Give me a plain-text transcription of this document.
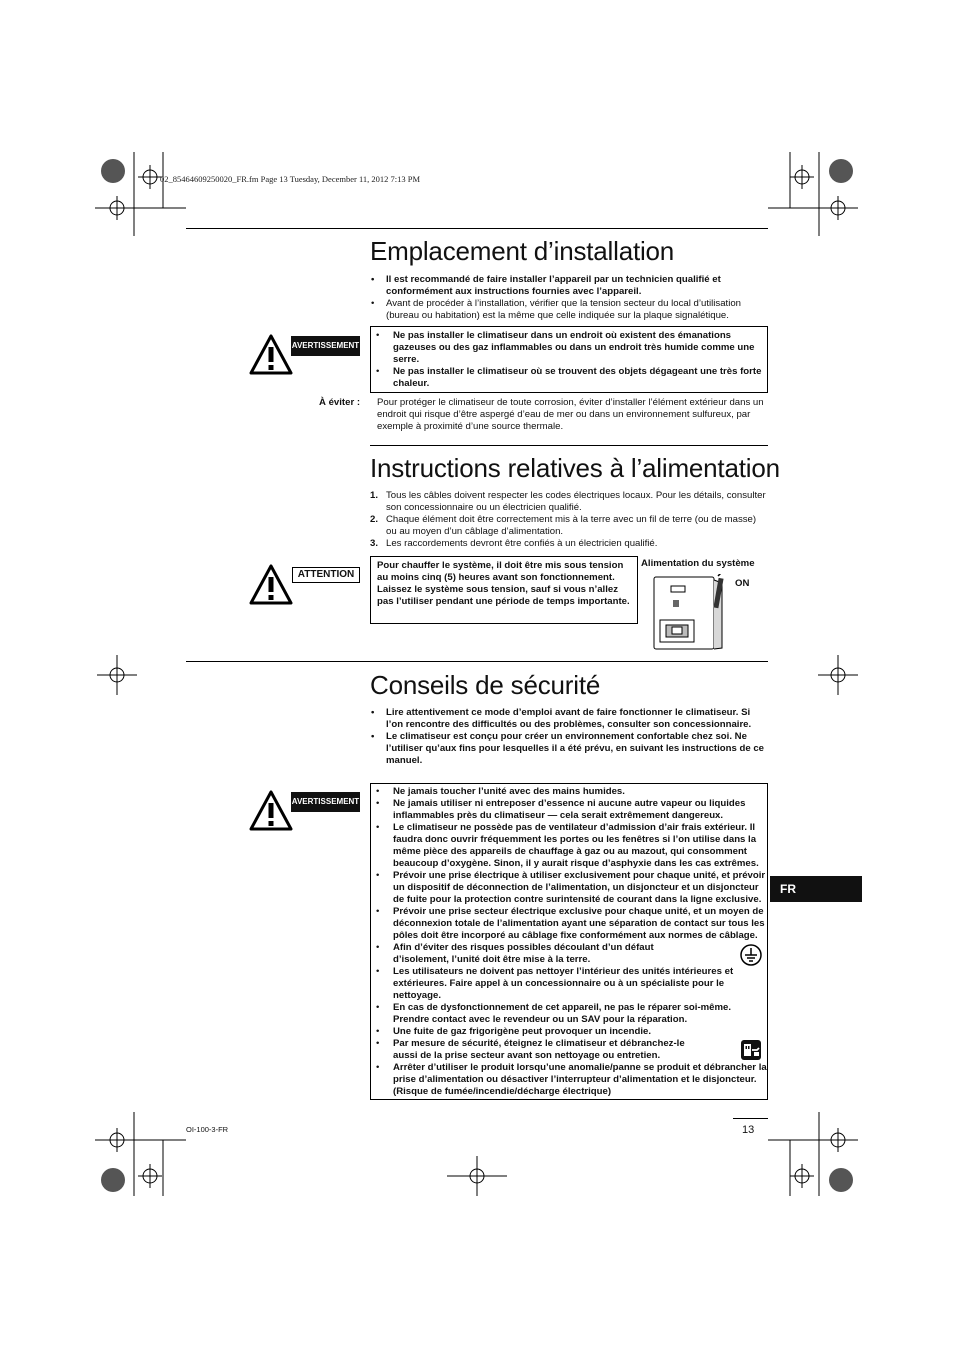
02_85464609250020_FR.fm Page 13 Tuesday, December 11, 2012 7:13 PM
Emplacement d’installation
• Il est recommandé de faire installer l’appareil par un technicien qualifié et conformément aux instructions fournies avec l’appareil.
• Avant de procéder à l’installation, vérifier que la tension secteur du local d’utilisation (bureau ou habitation) est la même que celle indiquée sur la plaque signalétique.
AVERTISSEMENT
• Ne pas installer le climatiseur dans un endroit où existent des émanations gazeuses ou des gaz inflammables ou dans un endroit très humide comme une serre.
• Ne pas installer le climatiseur où se trouvent des objets dégageant une très forte chaleur.
À éviter : Pour protéger le climatiseur de toute corrosion, éviter d’installer l’élément extérieur dans un endroit qui risque d’être aspergé d’eau de mer ou dans un environnement sulfureux, par exemple à proximité d’une source thermale.
Instructions relatives à l’alimentation
1. Tous les câbles doivent respecter les codes électriques locaux. Pour les détails, consulter son concessionnaire ou un électricien qualifié.
2. Chaque élément doit être correctement mis à la terre avec un fil de terre (ou de masse) ou au moyen d’un câblage d’alimentation.
3. Les raccordements devront être confiés à un électricien qualifié.
ATTENTION
Pour chauffer le système, il doit être mis sous tension au moins cinq (5) heures avant son fonctionnement. Laissez le système sous tension, sauf si vous n’allez pas l’utiliser pendant une période de temps importante.
Alimentation du système
ON
Conseils de sécurité
• Lire attentivement ce mode d’emploi avant de faire fonctionner le climatiseur. Si l’on rencontre des difficultés ou des problèmes, consulter son concessionnaire.
• Le climatiseur est conçu pour créer un environnement confortable chez soi. Ne l’utiliser qu’aux fins pour lesquelles il a été prévu, en suivant les instructions de ce manuel.
AVERTISSEMENT
• Ne jamais toucher l’unité avec des mains humides.
• Ne jamais utiliser ni entreposer d’essence ni aucune autre vapeur ou liquides inflammables près du climatiseur — cela serait extrêmement dangereux.
• Le climatiseur ne possède pas de ventilateur d’admission d’air frais extérieur. Il faudra donc ouvrir fréquemment les portes ou les fenêtres si l’on utilise dans la même pièce des appareils de chauffage à gaz ou au mazout, qui consomment beaucoup d’oxygène. Sinon, il y aurait risque d’asphyxie dans les cas extrêmes.
• Prévoir une prise électrique à utiliser exclusivement pour chaque unité, et prévoir un dispositif de déconnection de l’alimentation, un disjoncteur et un disjoncteur de fuite pour la protection contre surintensité de courant dans la ligne exclusive.
• Prévoir une prise secteur électrique exclusive pour chaque unité, et un moyen de déconnexion totale de l’alimentation ayant une séparation de contact sur tous les pôles doit être incorporé au câblage fixe conformément aux normes de câblage.
• Afin d’éviter des risques possibles découlant d’un défaut d’isolement, l’unité doit être mise à la terre.
• Les utilisateurs ne doivent pas nettoyer l’intérieur des unités intérieures et extérieures. Faire appel à un concessionnaire ou à un spécialiste pour le nettoyage.
• En cas de dysfonctionnement de cet appareil, ne pas le réparer soi-même. Prendre contact avec le revendeur ou un SAV pour la réparation.
• Une fuite de gaz frigorigène peut provoquer un incendie.
• Par mesure de sécurité, éteignez le climatiseur et débranchez-le aussi de la prise secteur avant son nettoyage ou entretien.
• Arrêter d’utiliser le produit lorsqu’une anomalie/panne se produit et débrancher la prise d’alimentation ou désactiver l’interrupteur d’alimentation et le disjoncteur. (Risque de fumée/incendie/décharge électrique)
FR
OI-100-3-FR	13
